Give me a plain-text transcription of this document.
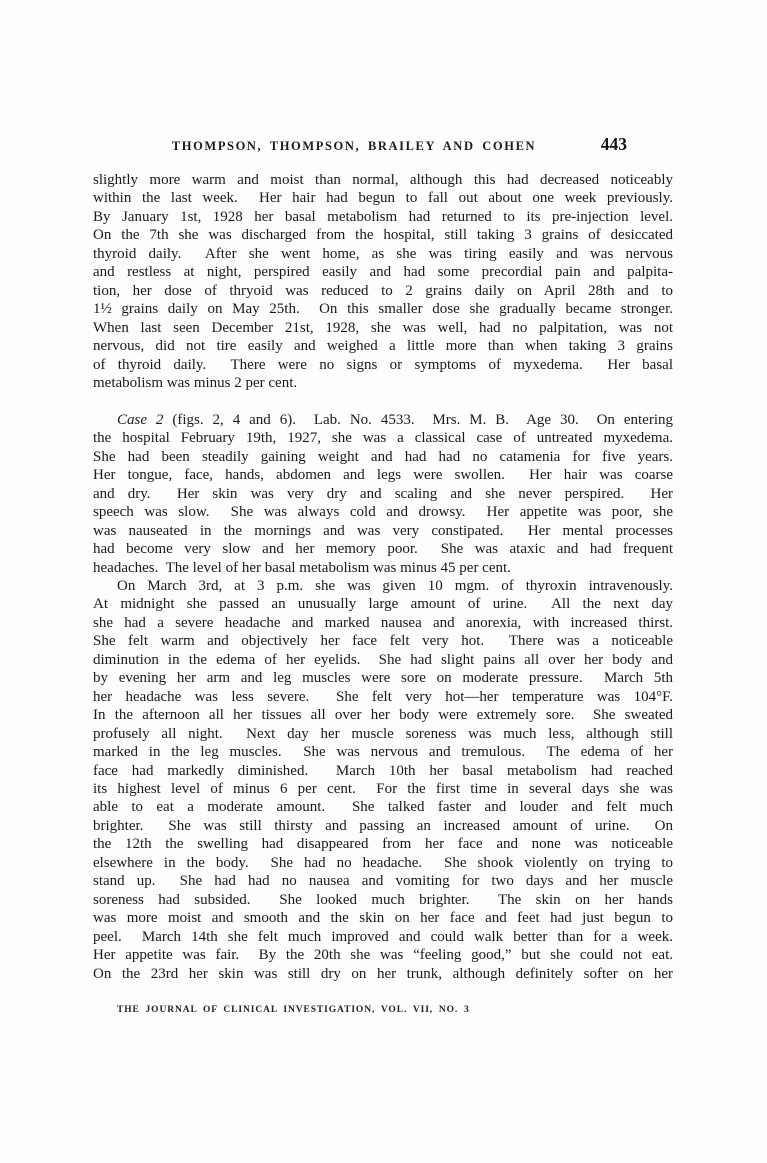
THOMPSON, THOMPSON, BRAILEY AND COHEN	443

slightly more warm and moist than normal, although this had decreased noticeably
within the last week.  Her hair had begun to fall out about one week previously.
By January 1st, 1928 her basal metabolism had returned to its pre-injection level.
On the 7th she was discharged from the hospital, still taking 3 grains of desiccated
thyroid daily.  After she went home, as she was tiring easily and was nervous
and restless at night, perspired easily and had some precordial pain and palpita-
tion, her dose of thryoid was reduced to 2 grains daily on April 28th and to
1½ grains daily on May 25th.  On this smaller dose she gradually became stronger.
When last seen December 21st, 1928, she was well, had no palpitation, was not
nervous, did not tire easily and weighed a little more than when taking 3 grains
of thyroid daily.  There were no signs or symptoms of myxedema.  Her basal
metabolism was minus 2 per cent.

Case 2 (figs. 2, 4 and 6).  Lab. No. 4533.  Mrs. M. B.  Age 30.  On entering
the hospital February 19th, 1927, she was a classical case of untreated myxedema.
She had been steadily gaining weight and had had no catamenia for five years.
Her tongue, face, hands, abdomen and legs were swollen.  Her hair was coarse
and dry.  Her skin was very dry and scaling and she never perspired.  Her
speech was slow.  She was always cold and drowsy.  Her appetite was poor, she
was nauseated in the mornings and was very constipated.  Her mental processes
had become very slow and her memory poor.  She was ataxic and had frequent
headaches.  The level of her basal metabolism was minus 45 per cent.

On March 3rd, at 3 p.m. she was given 10 mgm. of thyroxin intravenously.
At midnight she passed an unusually large amount of urine.  All the next day
she had a severe headache and marked nausea and anorexia, with increased thirst.
She felt warm and objectively her face felt very hot.  There was a noticeable
diminution in the edema of her eyelids.  She had slight pains all over her body and
by evening her arm and leg muscles were sore on moderate pressure.  March 5th
her headache was less severe.  She felt very hot—her temperature was 104°F.
In the afternoon all her tissues all over her body were extremely sore.  She sweated
profusely all night.  Next day her muscle soreness was much less, although still
marked in the leg muscles.  She was nervous and tremulous.  The edema of her
face had markedly diminished.  March 10th her basal metabolism had reached
its highest level of minus 6 per cent.  For the first time in several days she was
able to eat a moderate amount.  She talked faster and louder and felt much
brighter.  She was still thirsty and passing an increased amount of urine.  On
the 12th the swelling had disappeared from her face and none was noticeable
elsewhere in the body.  She had no headache.  She shook violently on trying to
stand up.  She had had no nausea and vomiting for two days and her muscle
soreness had subsided.  She looked much brighter.  The skin on her hands
was more moist and smooth and the skin on her face and feet had just begun to
peel.  March 14th she felt much improved and could walk better than for a week.
Her appetite was fair.  By the 20th she was “feeling good,” but she could not eat.
On the 23rd her skin was still dry on her trunk, although definitely softer on her

THE JOURNAL OF CLINICAL INVESTIGATION, VOL. VII, NO. 3
